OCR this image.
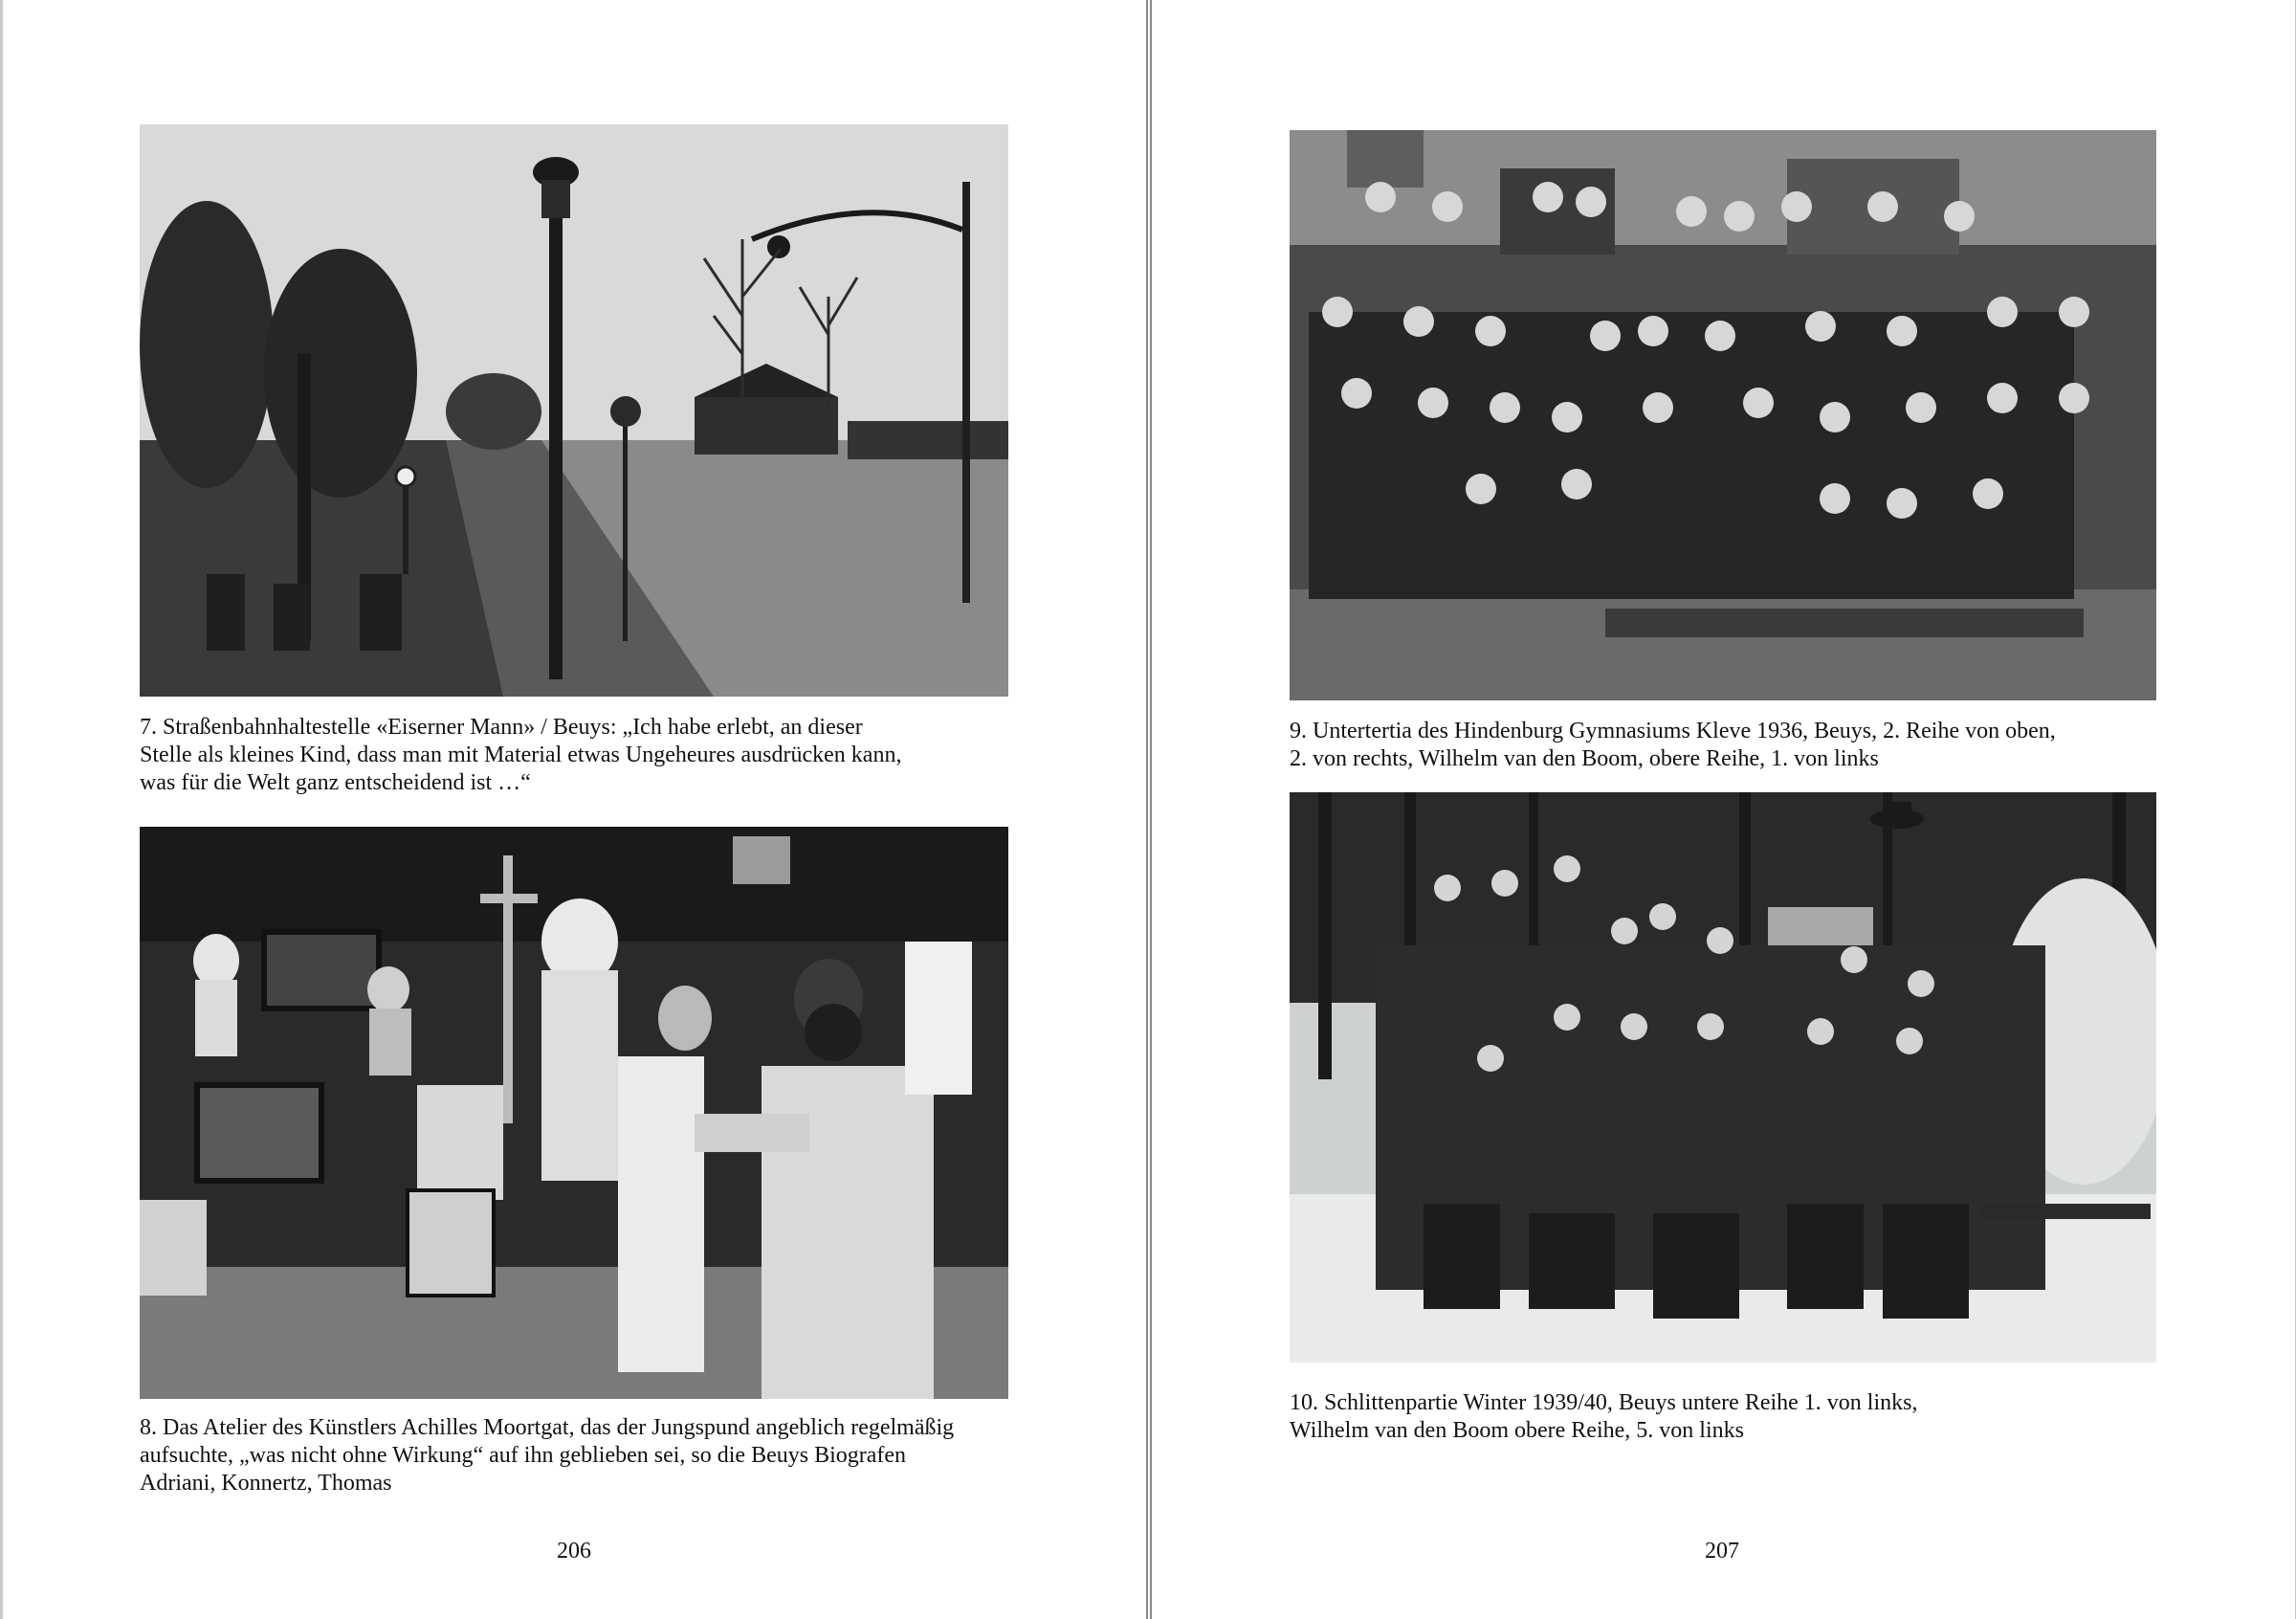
7. Straßenbahnhaltestelle «Eiserner Mann» / Beuys: „Ich habe erlebt, an dieser
Stelle als kleines Kind, dass man mit Material etwas Ungeheures ausdrücken kann,
was für die Welt ganz entscheidend ist …“
8. Das Atelier des Künstlers Achilles Moortgat, das der Jungspund angeblich regelmäßig
aufsuchte, „was nicht ohne Wirkung“ auf ihn geblieben sei, so die Beuys Biografen
Adriani, Konnertz, Thomas
206
9. Untertertia des Hindenburg Gymnasiums Kleve 1936, Beuys, 2. Reihe von oben,
2. von rechts, Wilhelm van den Boom, obere Reihe, 1. von links
10. Schlittenpartie Winter 1939/40, Beuys untere Reihe 1. von links,
Wilhelm van den Boom obere Reihe, 5. von links
207
